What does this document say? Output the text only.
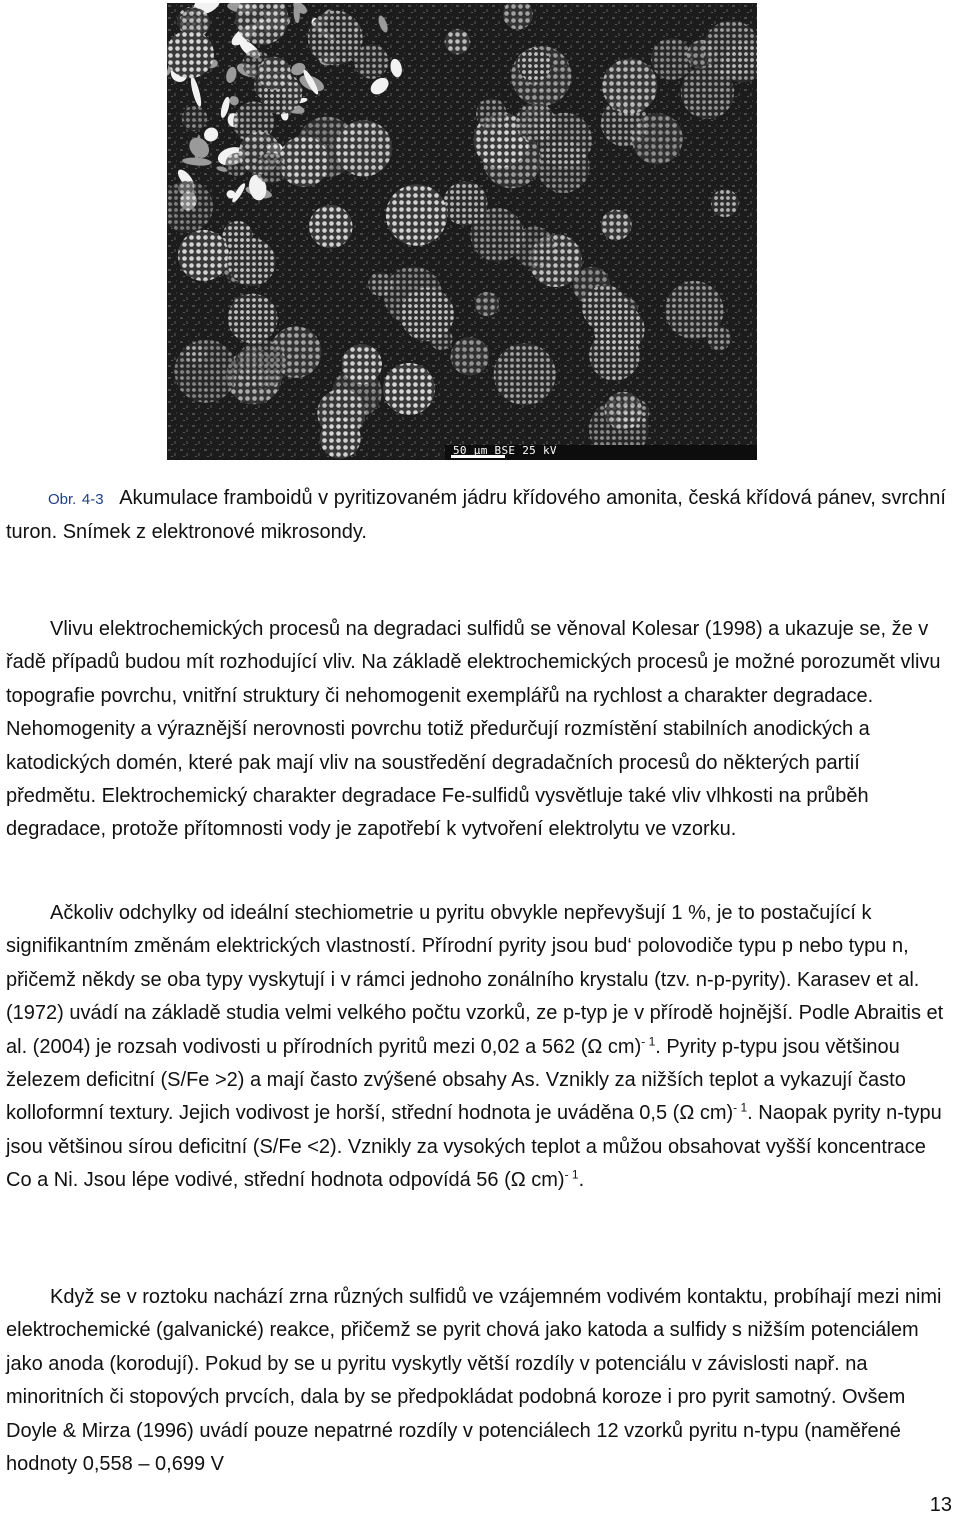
50 μm BSE 25 kV
Obr. 4-3 Akumulace framboidů v pyritizovaném jádru křídového amonita, česká křídová pánev, svrchní turon. Snímek z elektronové mikrosondy.

Vlivu elektrochemických procesů na degradaci sulfidů se věnoval Kolesar (1998) a ukazuje se, že v řadě případů budou mít rozhodující vliv. Na základě elektrochemických procesů je možné porozumět vlivu topografie povrchu, vnitřní struktury či nehomogenit exemplářů na rychlost a charakter degradace. Nehomogenity a výraznější nerovnosti povrchu totiž předurčují rozmístění stabilních anodických a katodických domén, které pak mají vliv na soustředění degradačních procesů do některých partií předmětu. Elektrochemický charakter degradace Fe-sulfidů vysvětluje také vliv vlhkosti na průběh degradace, protože přítomnosti vody je zapotřebí k vytvoření elektrolytu ve vzorku.

Ačkoliv odchylky od ideální stechiometrie u pyritu obvykle nepřevyšují 1 %, je to postačující k signifikantním změnám elektrických vlastností. Přírodní pyrity jsou bud‘ polovodiče typu p nebo typu n, přičemž někdy se oba typy vyskytují i v rámci jednoho zonálního krystalu (tzv. n-p-pyrity). Karasev et al. (1972) uvádí na základě studia velmi velkého počtu vzorků, ze p-typ je v přírodě hojnější. Podle Abraitis et al. (2004) je rozsah vodivosti u přírodních pyritů mezi 0,02 a 562 (Ω cm)$^{- 1}$. Pyrity p-typu jsou většinou železem deficitní (S/Fe >2) a mají často zvýšené obsahy As. Vznikly za nižších teplot a vykazují často kolloformní textury. Jejich vodivost je horší, střední hodnota je uváděna 0,5 (Ω cm)$^{- 1}$. Naopak pyrity n-typu jsou většinou sírou deficitní (S/Fe <2). Vznikly za vysokých teplot a můžou obsahovat vyšší koncentrace Co a Ni. Jsou lépe vodivé, střední hodnota odpovídá 56 (Ω cm)$^{- 1}$.

Když se v roztoku nachází zrna různých sulfidů ve vzájemném vodivém kontaktu, probíhají mezi nimi elektrochemické (galvanické) reakce, přičemž se pyrit chová jako katoda a sulfidy s nižším potenciálem jako anoda (korodují). Pokud by se u pyritu vyskytly větší rozdíly v potenciálu v závislosti např. na minoritních či stopových prvcích, dala by se předpokládat podobná koroze i pro pyrit samotný. Ovšem Doyle & Mirza (1996) uvádí pouze nepatrné rozdíly v potenciálech 12 vzorků pyritu n-typu (naměřené hodnoty 0,558 – 0,699 V

13
